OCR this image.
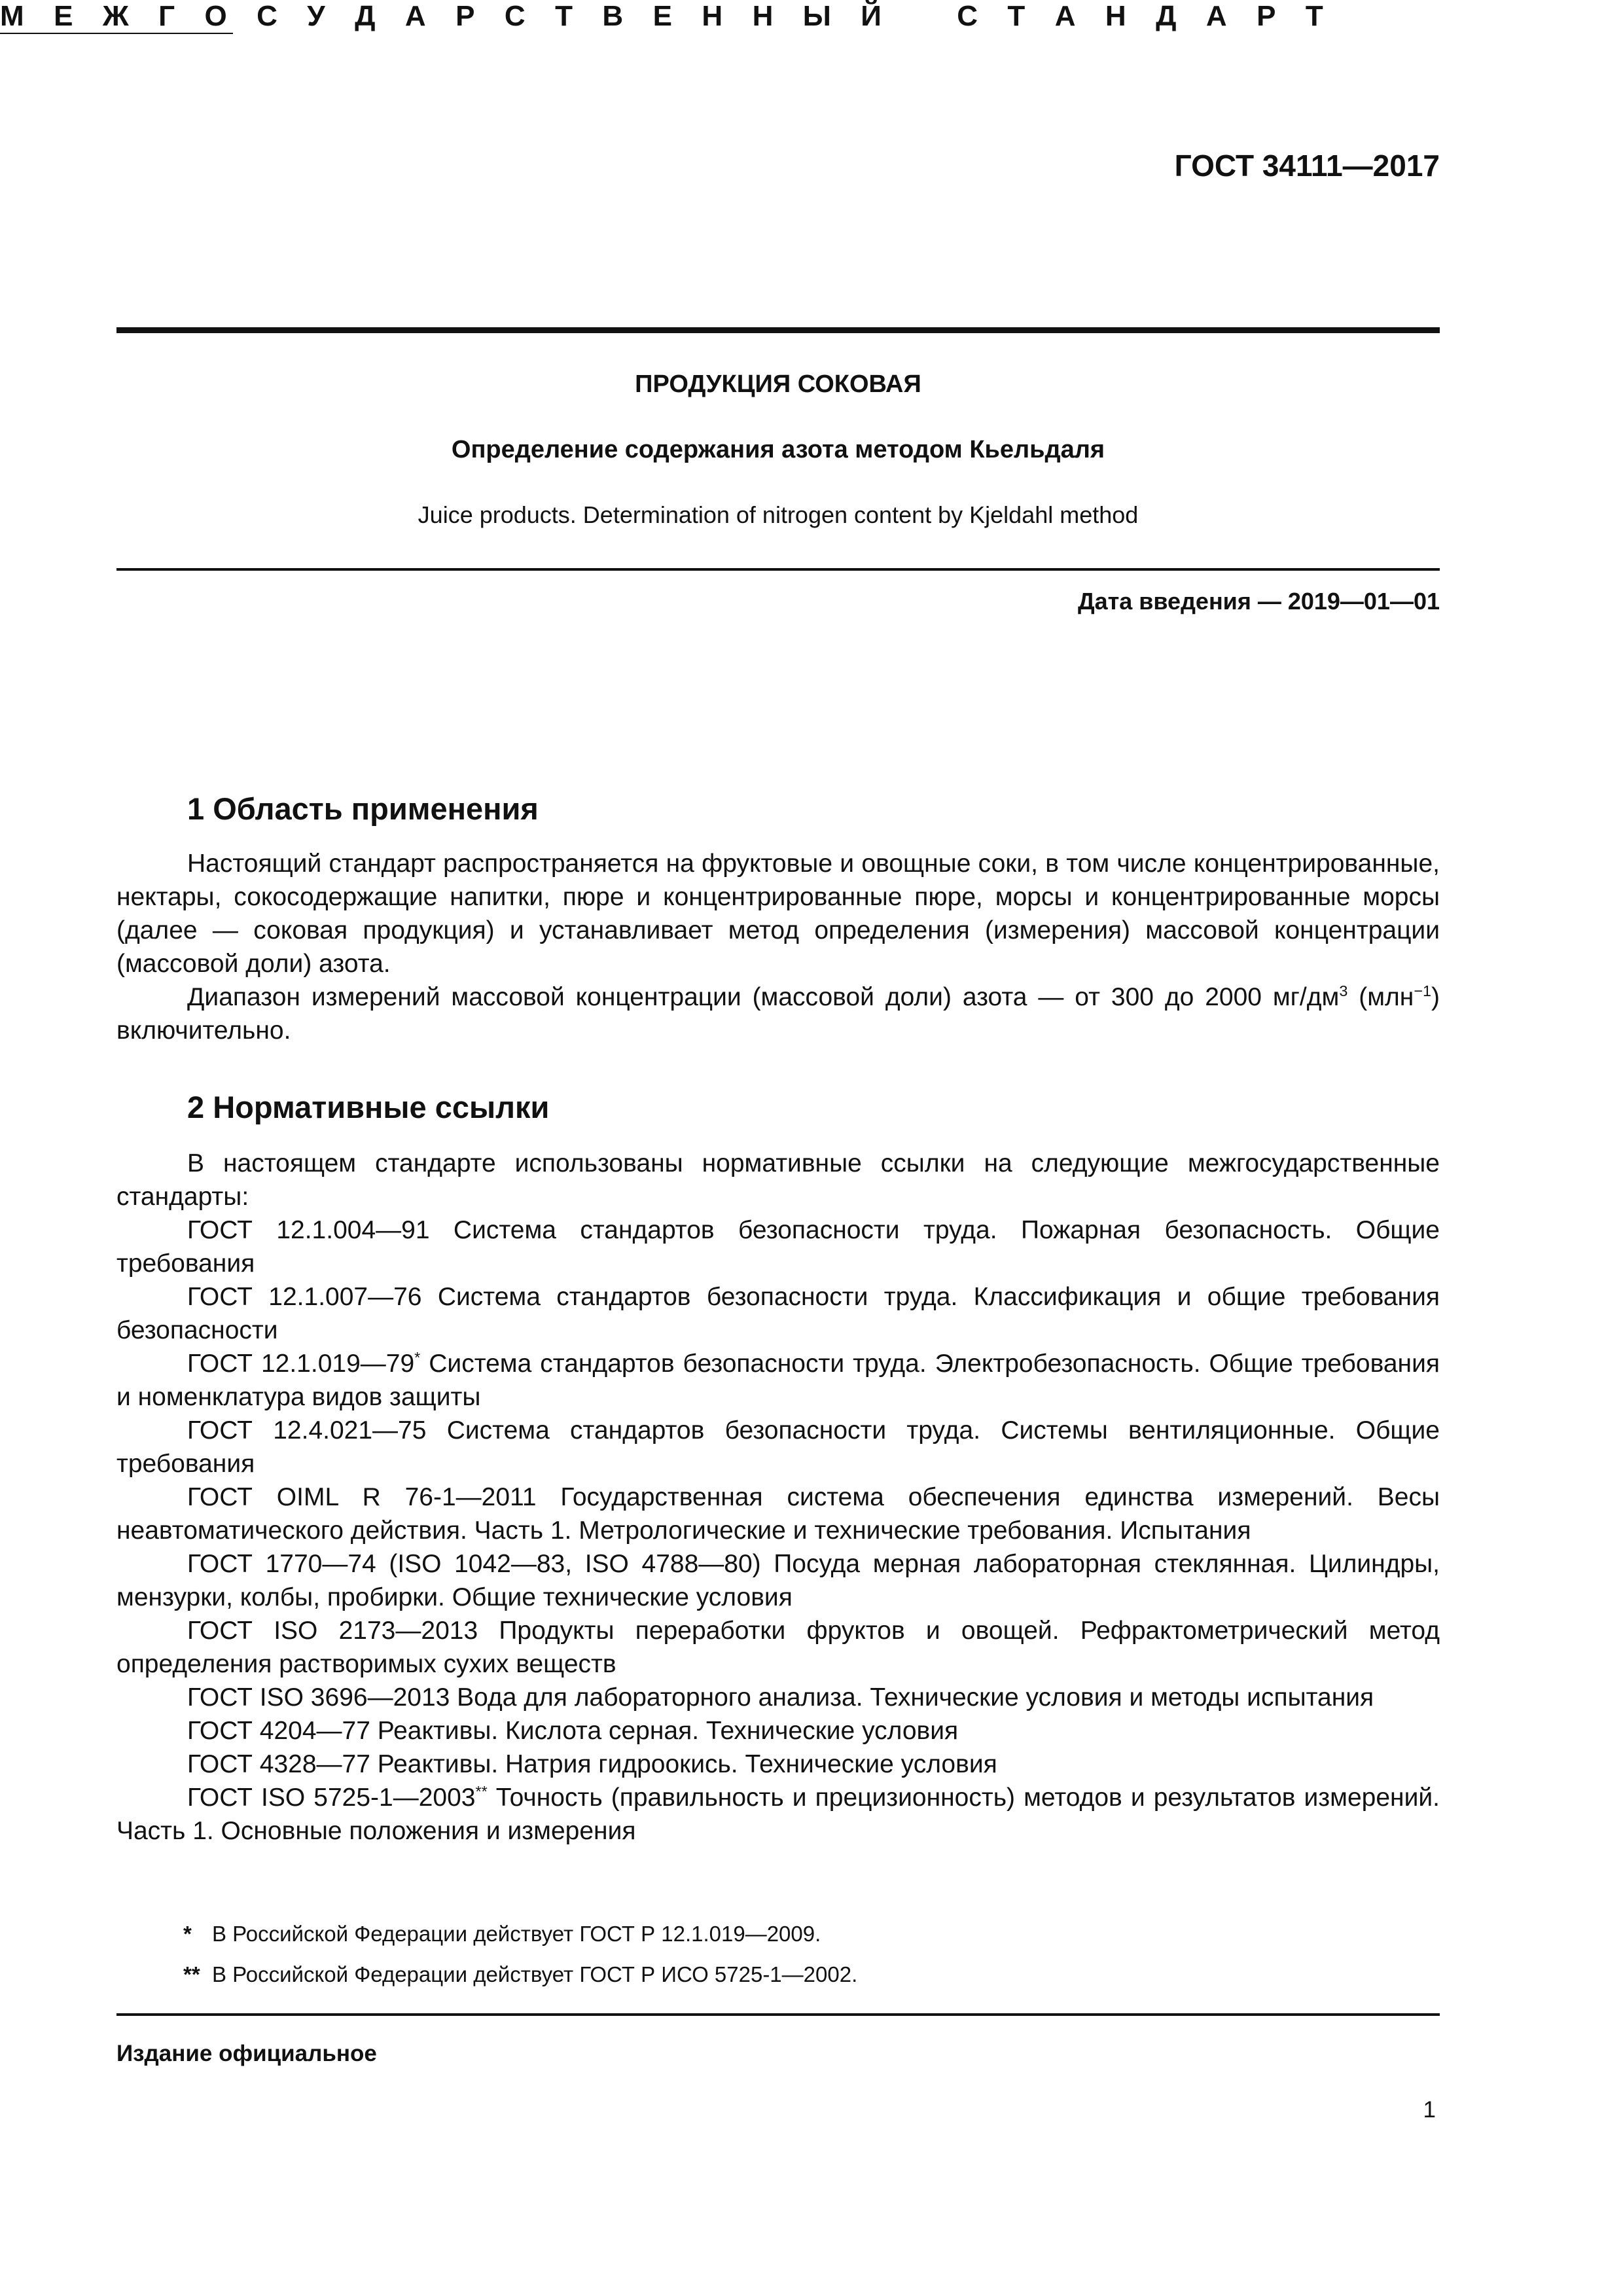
ГОСТ 34111—2017
М Е Ж Г О С У Д А Р С Т В Е Н Н Ы Й
	С Т А Н Д А Р Т
ПРОДУКЦИЯ СОКОВАЯ
Определение содержания азота методом Кьельдаля
Juice products. Determination of nitrogen content by Kjeldahl method
Дата введения — 2019—01—01
1 Область применения

Настоящий стандарт распространяется на фруктовые и овощные соки, в том числе концентрированные, нектары, сокосодержащие напитки, пюре и концентрированные пюре, морсы и концентрированные морсы (далее — соковая продукция) и устанавливает метод определения (измерения) массовой концентрации (массовой доли) азота.

Диапазон измерений массовой концентрации (массовой доли) азота — от 300 до 2000 $мг/дм^3$ (млн$^{-1}$) включительно.

2 Нормативные ссылки

В настоящем стандарте использованы нормативные ссылки на следующие межгосударственные стандарты:

ГОСТ 12.1.004—91 Система стандартов безопасности труда. Пожарная безопасность. Общие требования

ГОСТ 12.1.007—76 Система стандартов безопасности труда. Классификация и общие требования безопасности

ГОСТ 12.1.019—79* Система стандартов безопасности труда. Электробезопасность. Общие требования и номенклатура видов защиты

ГОСТ 12.4.021—75 Система стандартов безопасности труда. Системы вентиляционные. Общие требования

ГОСТ OIML R 76-1—2011 Государственная система обеспечения единства измерений. Весы неавтоматического действия. Часть 1. Метрологические и технические требования. Испытания

ГОСТ 1770—74 (ISO 1042—83, ISO 4788—80) Посуда мерная лабораторная стеклянная. Цилиндры, мензурки, колбы, пробирки. Общие технические условия

ГОСТ ISO 2173—2013 Продукты переработки фруктов и овощей. Рефрактометрический метод определения растворимых сухих веществ

ГОСТ ISO 3696—2013 Вода для лабораторного анализа. Технические условия и методы испытания

ГОСТ 4204—77 Реактивы. Кислота серная. Технические условия

ГОСТ 4328—77 Реактивы. Натрия гидроокись. Технические условия

ГОСТ ISO 5725-1—2003** Точность (правильность и прецизионность) методов и результатов измерений. Часть 1. Основные положения и измерения

* В Российской Федерации действует ГОСТ Р 12.1.019—2009.
** В Российской Федерации действует ГОСТ Р ИСО 5725-1—2002.
Издание официальное
1
